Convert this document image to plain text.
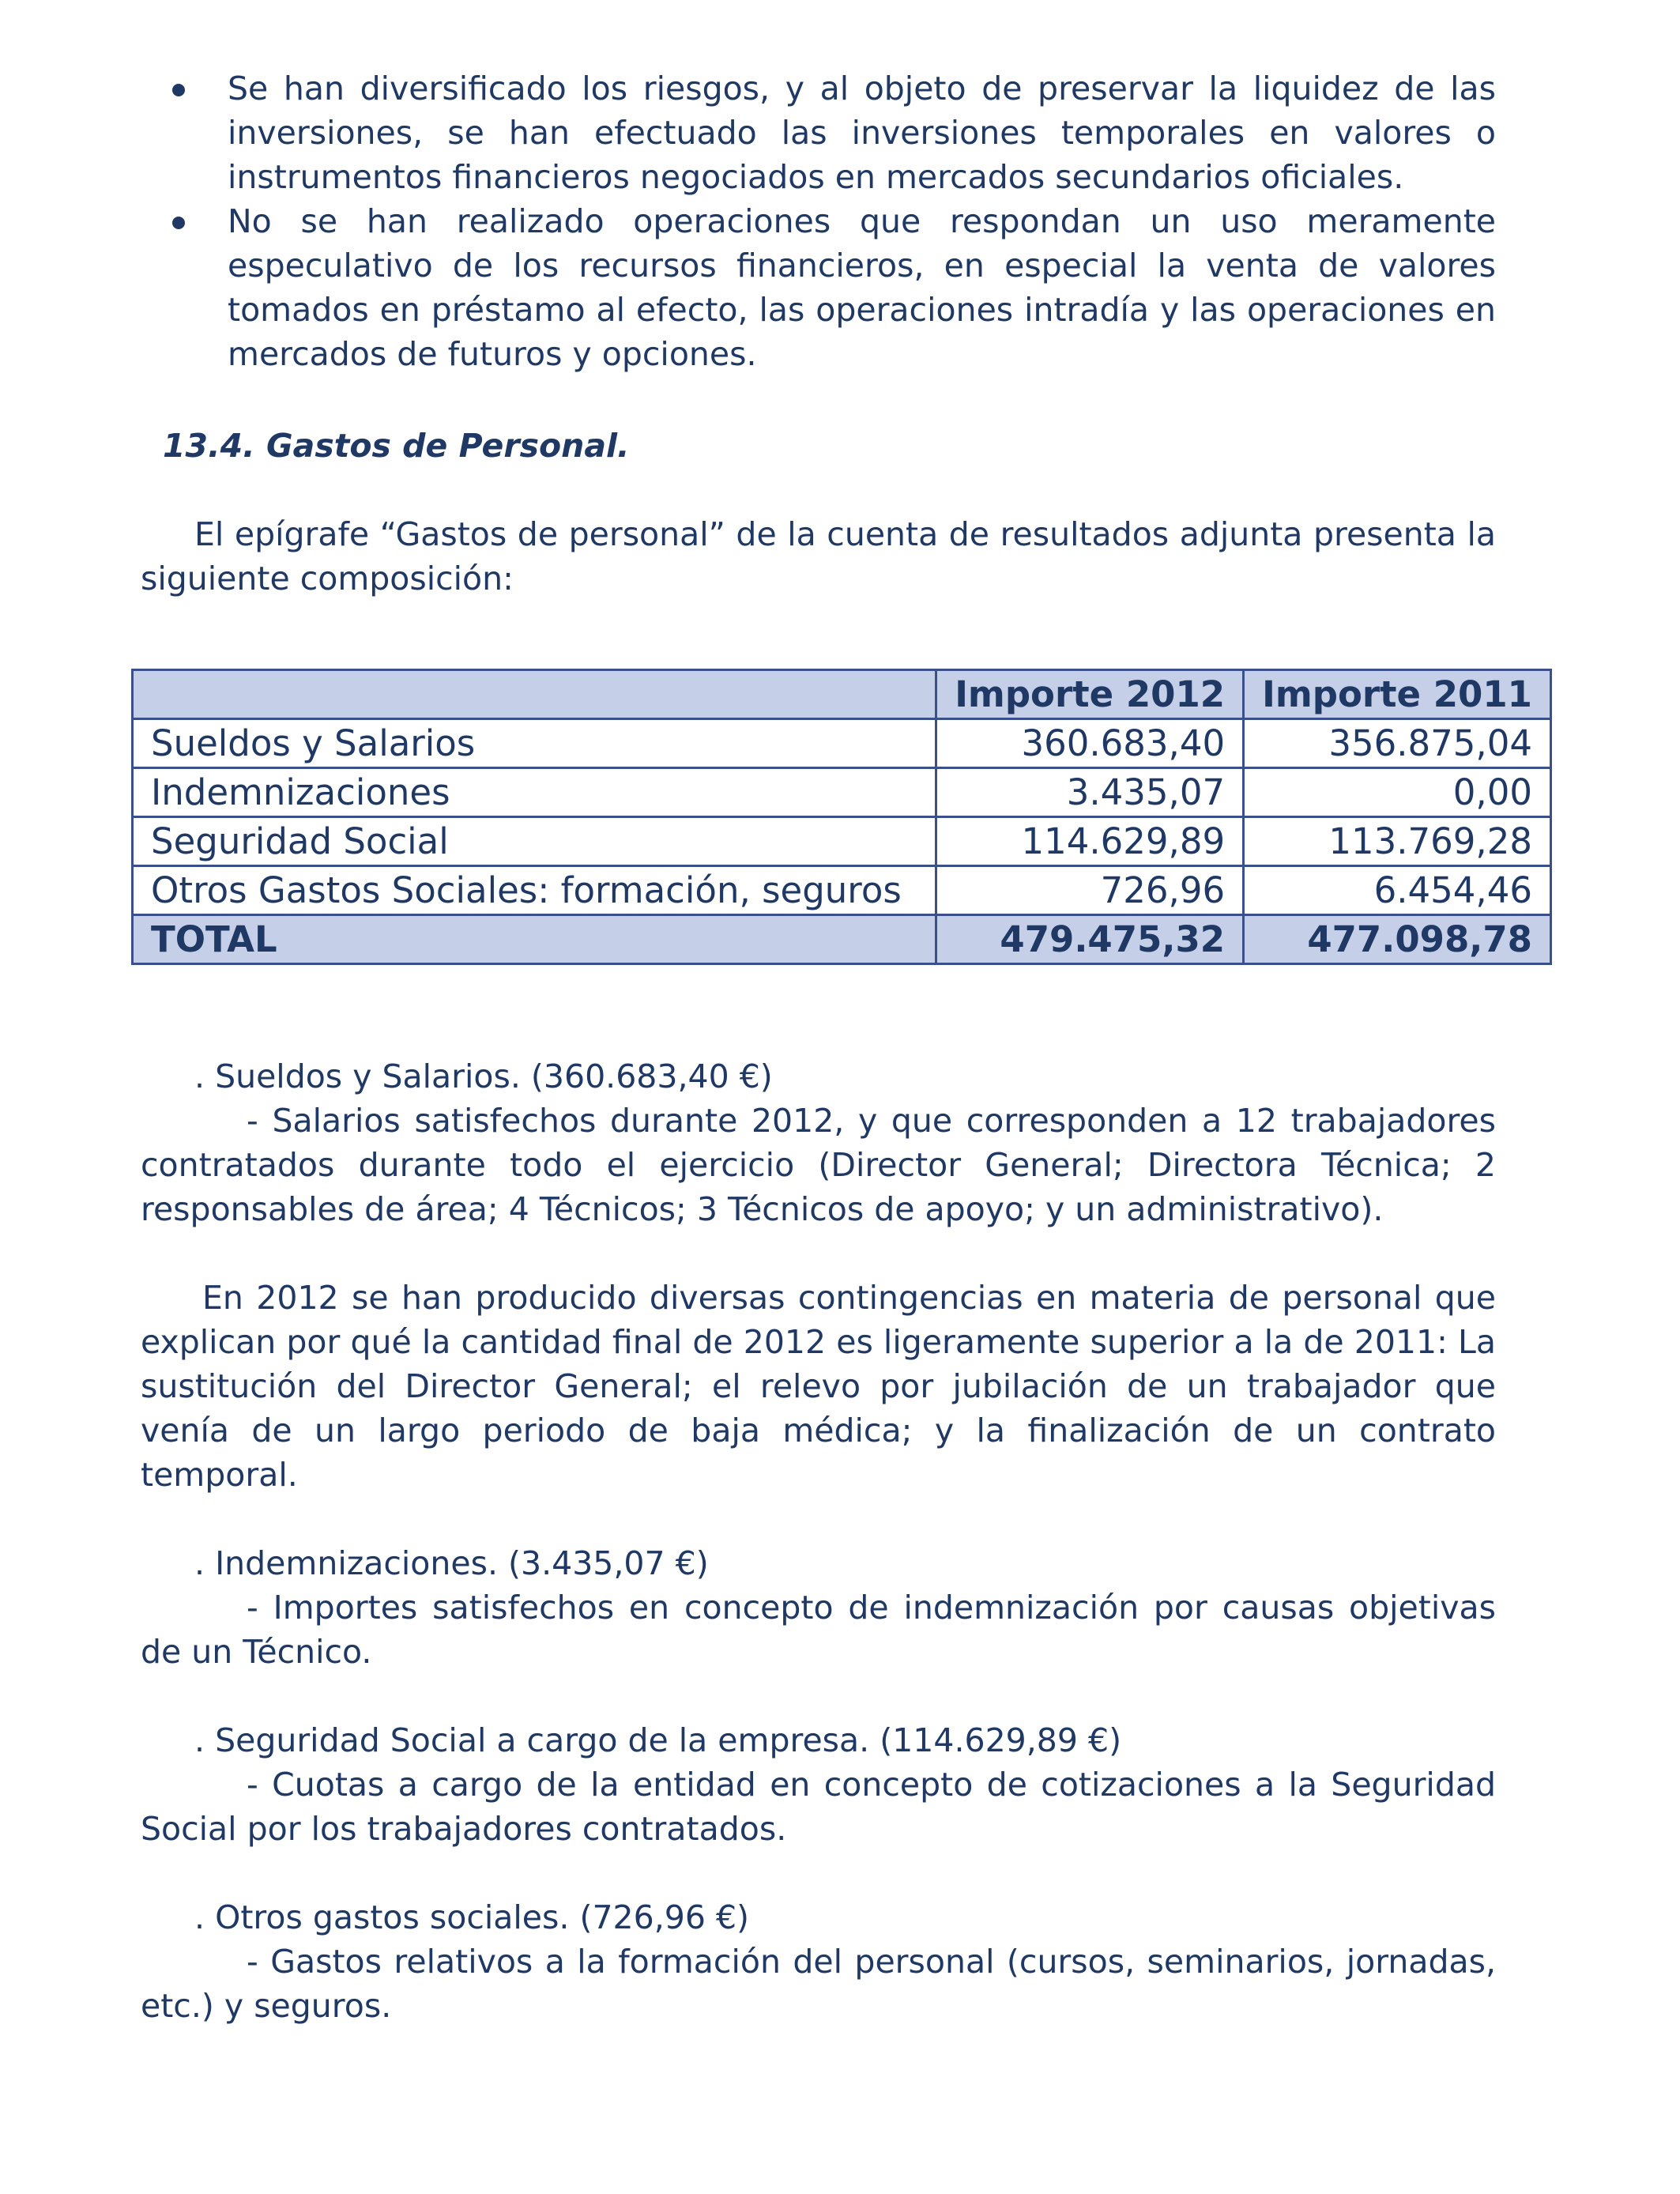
Se han diversificado los riesgos, y al objeto de preservar la liquidez de las inversiones, se han efectuado las inversiones temporales en valores o instrumentos financieros negociados en mercados secundarios oficiales.

No se han realizado operaciones que respondan un uso meramente especulativo de los recursos financieros, en especial la venta de valores tomados en préstamo al efecto, las operaciones intradía y las operaciones en mercados de futuros y opciones.

13.4. Gastos de Personal.

El epígrafe “Gastos de personal” de la cuenta de resultados adjunta presenta la siguiente composición:

	Importe 2012	Importe 2011
Sueldos y Salarios	360.683,40	356.875,04
Indemnizaciones	3.435,07	0,00
Seguridad Social	114.629,89	113.769,28
Otros Gastos Sociales: formación, seguros	726,96	6.454,46
TOTAL	479.475,32	477.098,78

. Sueldos y Salarios. (360.683,40 €)

- Salarios satisfechos durante 2012, y que corresponden a 12 trabajadores contratados durante todo el ejercicio (Director General; Directora Técnica; 2 responsables de área; 4 Técnicos; 3 Técnicos de apoyo; y un administrativo).

En 2012 se han producido diversas contingencias en materia de personal que explican por qué la cantidad final de 2012 es ligeramente superior a la de 2011: La sustitución del Director General; el relevo por jubilación de un trabajador que venía de un largo periodo de baja médica; y la finalización de un contrato temporal.

. Indemnizaciones. (3.435,07 €)

- Importes satisfechos en concepto de indemnización por causas objetivas de un Técnico.

. Seguridad Social a cargo de la empresa. (114.629,89 €)

- Cuotas a cargo de la entidad en concepto de cotizaciones a la Seguridad Social por los trabajadores contratados.

. Otros gastos sociales. (726,96 €)

- Gastos relativos a la formación del personal (cursos, seminarios, jornadas, etc.) y seguros.
